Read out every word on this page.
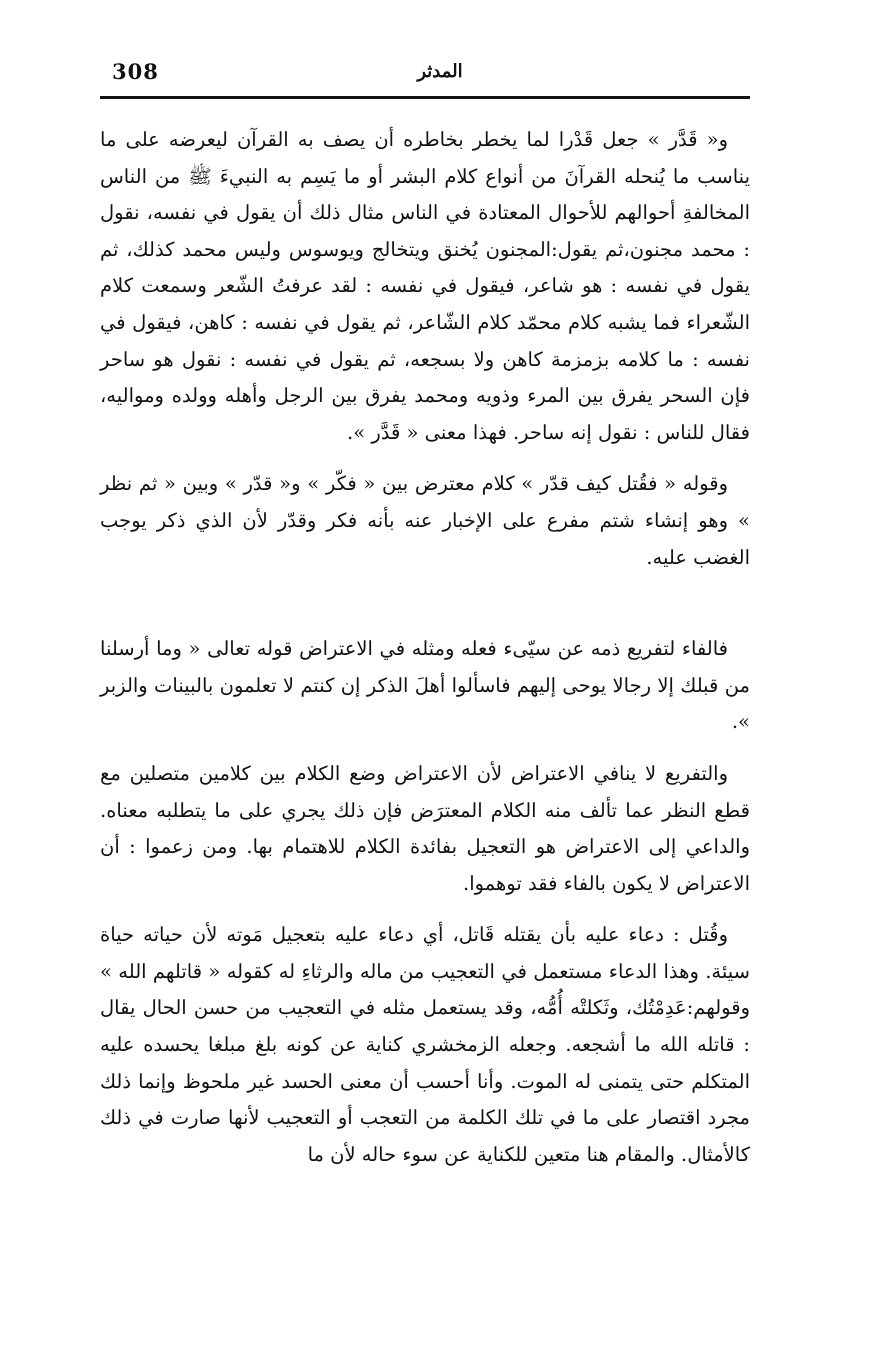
308	المدثر

و« قَدَّر » جعل قَدْرا لما يخطر بخاطره أن يصف به القرآن ليعرضه على ما يناسب ما يُنحله القرآنَ من أنواع كلام البشر أو ما يَسِم به النبيءَ ﷺ من الناس المخالفةِ أحوالهم للأحوال المعتادة في الناس مثال ذلك أن يقول في نفسه، نقول : محمد مجنون،ثم يقول:المجنون يُخنق ويتخالج ويوسوس وليس محمد كذلك، ثم يقول في نفسه : هو شاعر، فيقول في نفسه : لقد عرفتُ الشّعر وسمعت كلام الشّعراء فما يشبه كلام محمّد كلام الشّاعر، ثم يقول في نفسه : كاهن، فيقول في نفسه : ما كلامه بزمزمة كاهن ولا بسجعه، ثم يقول في نفسه : نقول هو ساحر فإن السحر يفرق بين المرء وذويه ومحمد يفرق بين الرجل وأهله وولده ومواليه، فقال للناس : نقول إنه ساحر. فهذا معنى « قَدَّر ».

وقوله « فقُتل كيف قدّر » كلام معترض بين « فكّر » و« قدّر » وبين « ثم نظر » وهو إنشاء شتم مفرع على الإخبار عنه بأنه فكر وقدّر لأن الذي ذكر يوجب الغضب عليه.

فالفاء لتفريع ذمه عن سيّىء فعله ومثله في الاعتراض قوله تعالى « وما أرسلنا من قبلك إلا رجالا يوحى إليهم فاسألوا أهلَ الذكر إن كنتم لا تعلمون بالبينات والزبر ».

والتفريع لا ينافي الاعتراض لأن الاعتراض وضع الكلام بين كلامين متصلين مع قطع النظر عما تألف منه الكلام المعترَض فإن ذلك يجري على ما يتطلبه معناه. والداعي إلى الاعتراض هو التعجيل بفائدة الكلام للاهتمام بها. ومن زعموا : أن الاعتراض لا يكون بالفاء فقد توهموا.

وقُتل : دعاء عليه بأن يقتله قَاتل، أي دعاء عليه بتعجيل مَوته لأن حياته حياة سيئة. وهذا الدعاء مستعمل في التعجيب من ماله والرثاءِ له كقوله « قاتلهم الله » وقولهم:عَدِمْتُك، وثَكلتْه أُمُّه، وقد يستعمل مثله في التعجيب من حسن الحال يقال : قاتله الله ما أشجعه. وجعله الزمخشري كناية عن كونه بلغ مبلغا يحسده عليه المتكلم حتى يتمنى له الموت. وأنا أحسب أن معنى الحسد غير ملحوظ وإنما ذلك مجرد اقتصار على ما في تلك الكلمة من التعجب أو التعجيب لأنها صارت في ذلك كالأمثال. والمقام هنا متعين للكناية عن سوء حاله لأن ما
